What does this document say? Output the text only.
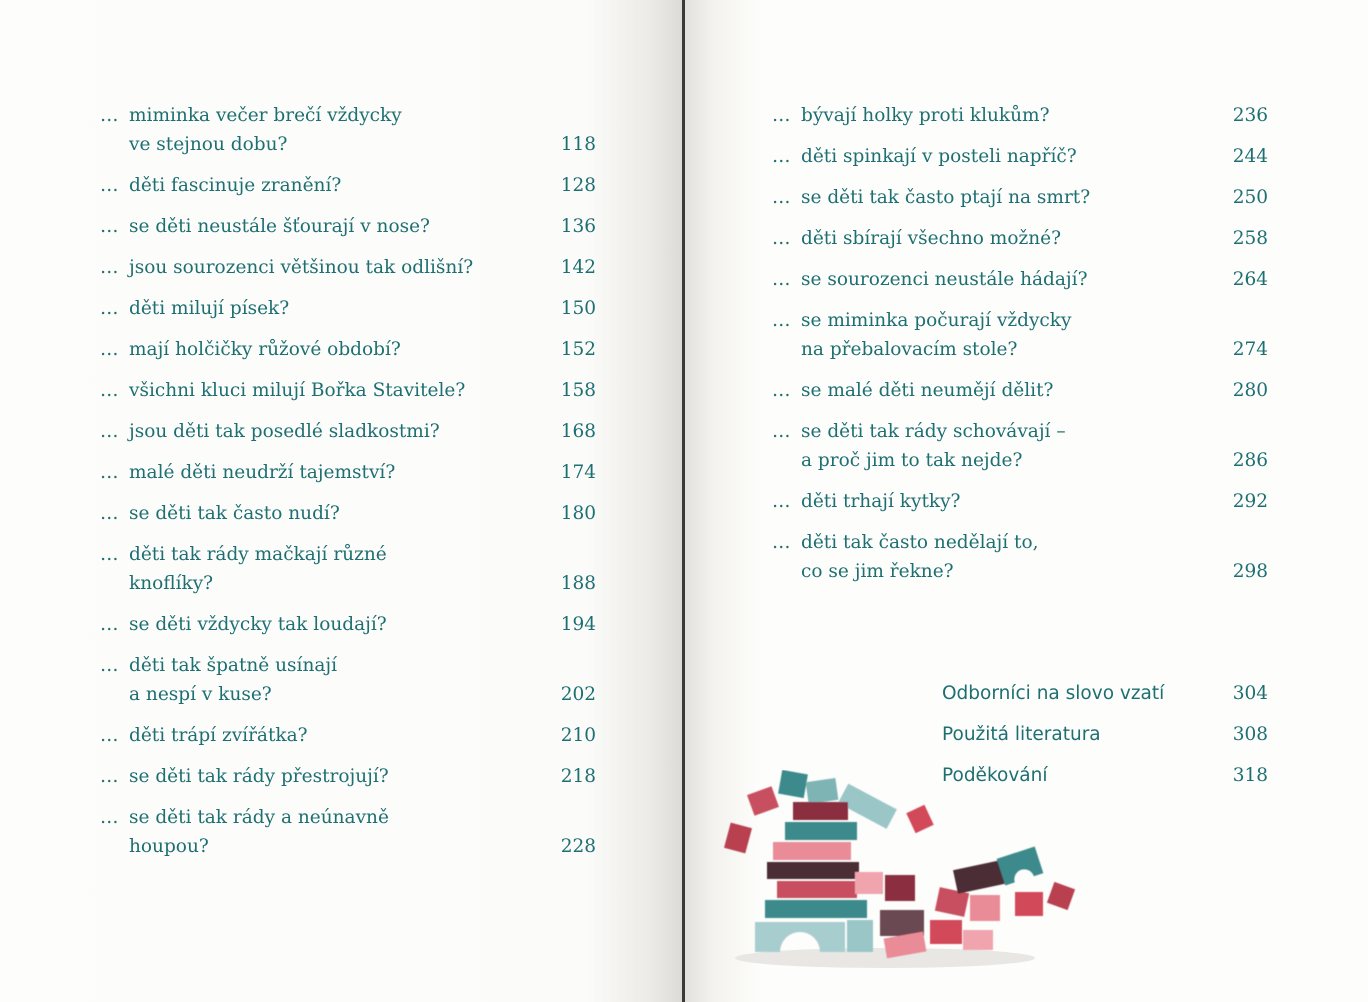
… miminka večer brečí vždycky
ve stejnou dobu?	118
… děti fascinuje zranění?	128
… se děti neustále šťourají v nose?	136
… jsou sourozenci většinou tak odlišní?	142
… děti milují písek?	150
… mají holčičky růžové období?	152
… všichni kluci milují Bořka Stavitele?	158
… jsou děti tak posedlé sladkostmi?	168
… malé děti neudrží tajemství?	174
… se děti tak často nudí?	180
… děti tak rády mačkají různé
knoflíky?	188
… se děti vždycky tak loudají?	194
… děti tak špatně usínají
a nespí v kuse?	202
… děti trápí zvířátka?	210
… se děti tak rády přestrojují?	218
… se děti tak rády a neúnavně
houpou?	228
… bývají holky proti klukům?	236
… děti spinkají v posteli napříč?	244
… se děti tak často ptají na smrt?	250
… děti sbírají všechno možné?	258
… se sourozenci neustále hádají?	264
… se miminka počurají vždycky
na přebalovacím stole?	274
… se malé děti neumějí dělit?	280
… se děti tak rády schovávají –
a proč jim to tak nejde?	286
… děti trhají kytky?	292
… děti tak často nedělají to,
co se jim řekne?	298
Odborníci na slovo vzatí	304
Použitá literatura	308
Poděkování	318
